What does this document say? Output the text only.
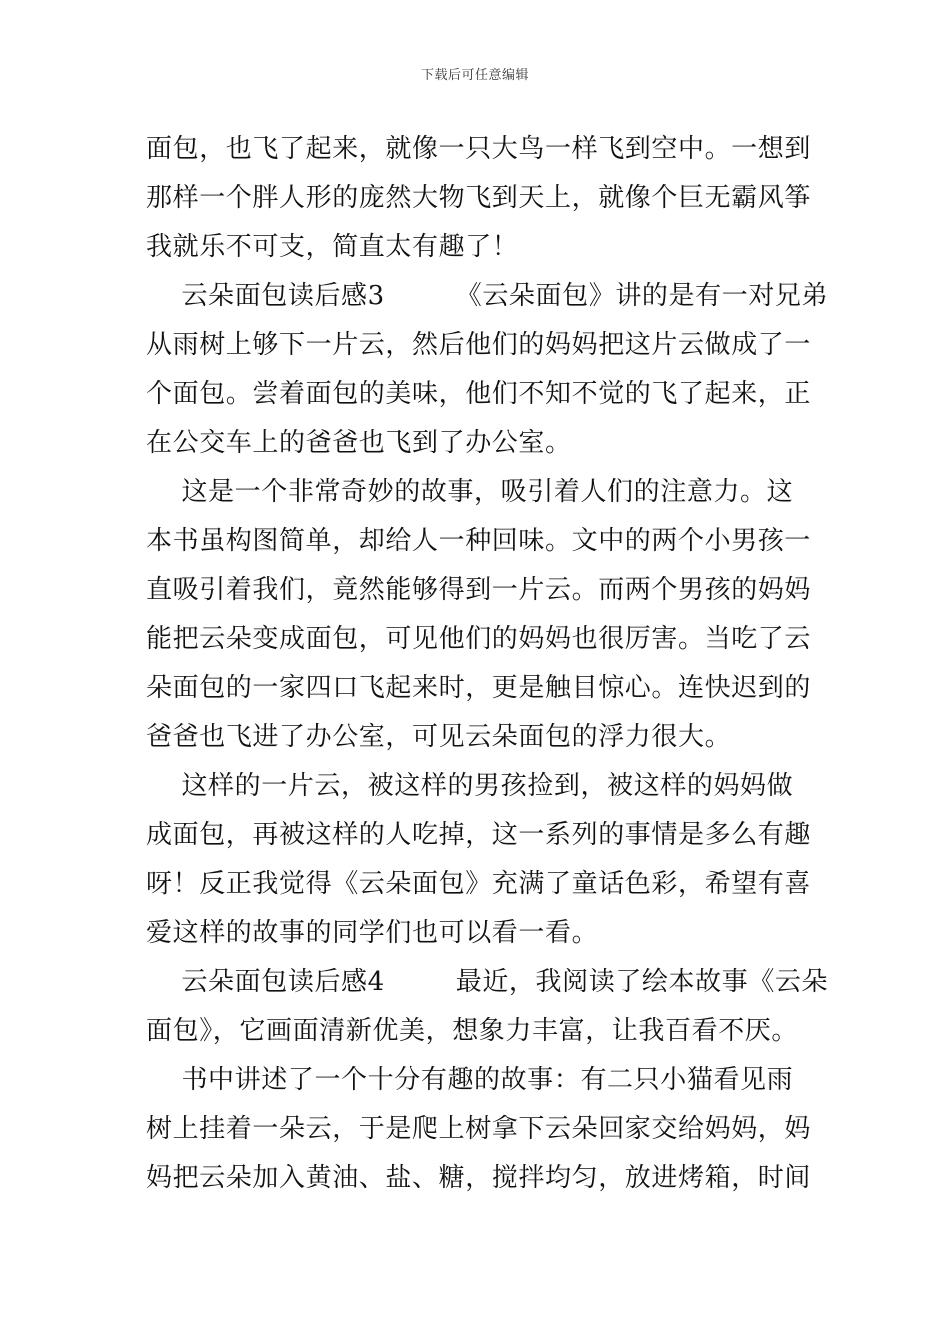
下载后可任意编辑
面包，也飞了起来，就像一只大鸟一样飞到空中。一想到
那样一个胖人形的庞然大物飞到天上，就像个巨无霸风筝
我就乐不可支，简直太有趣了！
云朵面包读后感3        《云朵面包》讲的是有一对兄弟
从雨树上够下一片云，然后他们的妈妈把这片云做成了一
个面包。尝着面包的美味，他们不知不觉的飞了起来，正
在公交车上的爸爸也飞到了办公室。
这是一个非常奇妙的故事，吸引着人们的注意力。这
本书虽构图简单，却给人一种回味。文中的两个小男孩一
直吸引着我们，竟然能够得到一片云。而两个男孩的妈妈
能把云朵变成面包，可见他们的妈妈也很厉害。当吃了云
朵面包的一家四口飞起来时，更是触目惊心。连快迟到的
爸爸也飞进了办公室，可见云朵面包的浮力很大。
这样的一片云，被这样的男孩捡到，被这样的妈妈做
成面包，再被这样的人吃掉，这一系列的事情是多么有趣
呀！反正我觉得《云朵面包》充满了童话色彩，希望有喜
爱这样的故事的同学们也可以看一看。
云朵面包读后感4        最近，我阅读了绘本故事《云朵
面包》，它画面清新优美，想象力丰富，让我百看不厌。
书中讲述了一个十分有趣的故事：有二只小猫看见雨
树上挂着一朵云，于是爬上树拿下云朵回家交给妈妈，妈
妈把云朵加入黄油、盐、糖，搅拌均匀，放进烤箱，时间
